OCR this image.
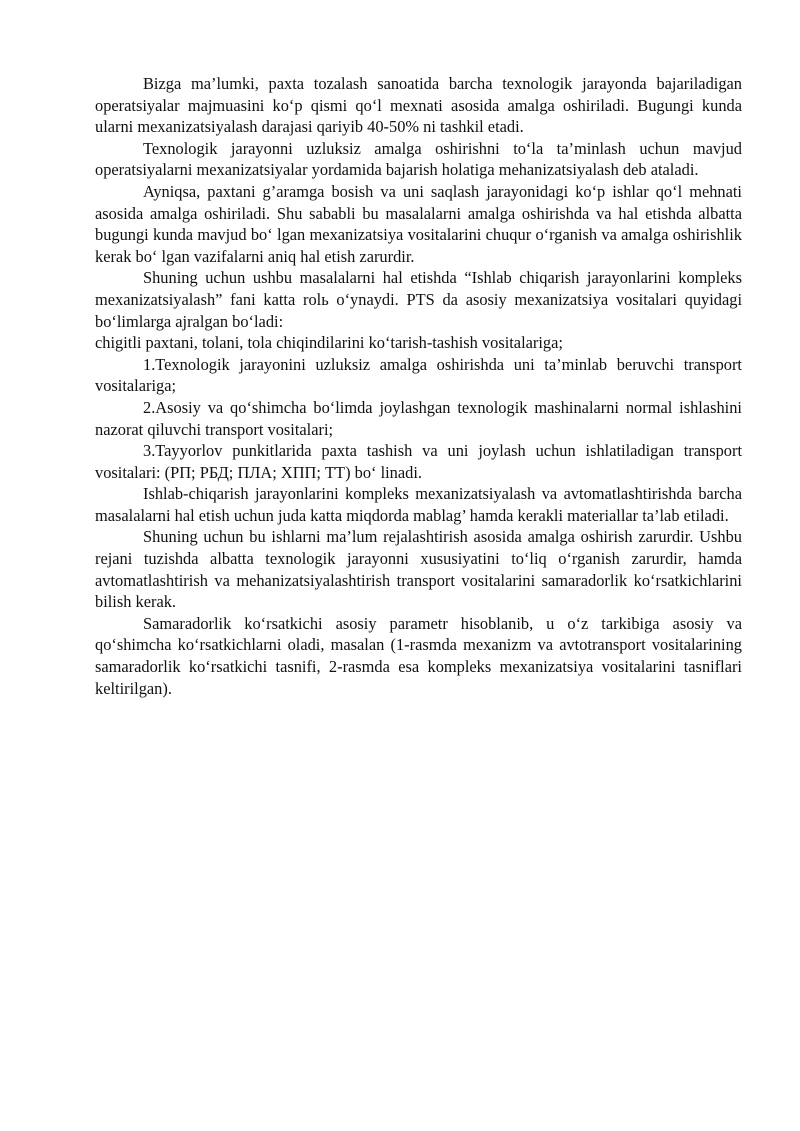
Bizga ma’lumki, paxta tozalash sanoatida barcha texnologik jarayonda bajariladigan operatsiyalar majmuasini ko‘p qismi qo‘l mexnati asosida amalga oshiriladi. Bugungi kunda ularni mexanizatsiyalash darajasi qariyib 40-50% ni tashkil etadi.

Texnologik jarayonni uzluksiz amalga oshirishni to‘la ta’minlash uchun mavjud operatsiyalarni mexanizatsiyalar yordamida bajarish holatiga mehanizatsiyalash deb ataladi.

Ayniqsa, paxtani g’aramga bosish va uni saqlash jarayonidagi ko‘p ishlar qo‘l mehnati asosida amalga oshiriladi. Shu sababli bu masalalarni amalga oshirishda va hal etishda albatta bugungi kunda mavjud bo‘ lgan mexanizatsiya vositalarini chuqur o‘rganish va amalga oshirishlik kerak bo‘ lgan vazifalarni aniq hal etish zarurdir.

Shuning uchun ushbu masalalarni hal etishda “Ishlab chiqarish jarayonlarini kompleks mexanizatsiyalash” fani katta rolь o‘ynaydi. PTS da asosiy mexanizatsiya vositalari quyidagi bo‘limlarga ajralgan bo‘ladi:

chigitli paxtani, tolani, tola chiqindilarini ko‘tarish-tashish vositalariga;

1.Texnologik jarayonini uzluksiz amalga oshirishda uni ta’minlab beruvchi transport vositalariga;

2.Asosiy va qo‘shimcha bo‘limda joylashgan texnologik mashinalarni normal ishlashini nazorat qiluvchi transport vositalari;

3.Tayyorlov punkitlarida paxta tashish va uni joylash uchun ishlatiladigan transport vositalari: (РП; РБД; ПЛА; ХПП; ТТ) bo‘ linadi.

Ishlab-chiqarish jarayonlarini kompleks mexanizatsiyalash va avtomatlashtirishda barcha masalalarni hal etish uchun juda katta miqdorda mablag’ hamda kerakli materiallar ta’lab etiladi.

Shuning uchun bu ishlarni ma’lum rejalashtirish asosida amalga oshirish zarurdir. Ushbu rejani tuzishda albatta texnologik jarayonni xususiyatini to‘liq o‘rganish zarurdir, hamda avtomatlashtirish va mehanizatsiyalashtirish transport vositalarini samaradorlik ko‘rsatkichlarini bilish kerak.

Samaradorlik ko‘rsatkichi asosiy parametr hisoblanib, u o‘z tarkibiga asosiy va qo‘shimcha ko‘rsatkichlarni oladi, masalan (1-rasmda mexanizm va avtotransport vositalarining samaradorlik ko‘rsatkichi tasnifi, 2-rasmda esa kompleks mexanizatsiya vositalarini tasniflari keltirilgan).
